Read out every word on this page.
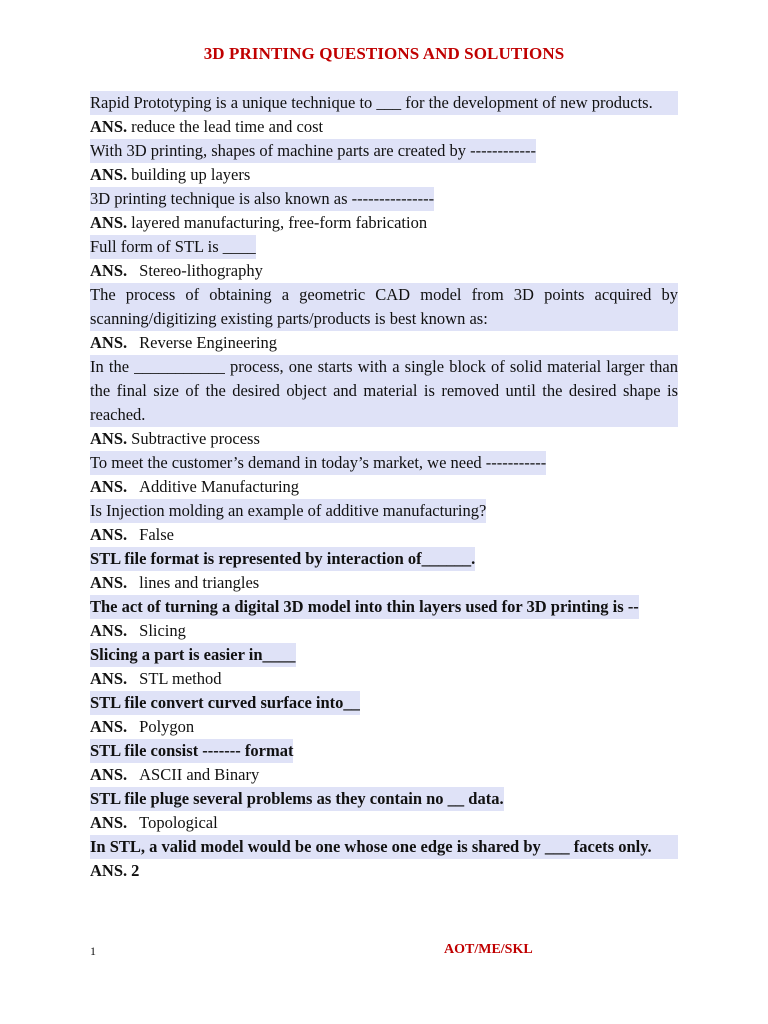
3D PRINTING QUESTIONS AND SOLUTIONS
Rapid Prototyping is a unique technique to ___ for the development of new products.
ANS. reduce the lead time and cost
With 3D printing, shapes of machine parts are created by ------------
ANS. building up layers
3D printing technique is also known as ---------------
ANS. layered manufacturing, free-form fabrication
Full form of STL is ____
ANS. Stereo-lithography
The process of obtaining a geometric CAD model from 3D points acquired by scanning/digitizing existing parts/products is best known as:
ANS. Reverse Engineering
In the ___________ process, one starts with a single block of solid material larger than the final size of the desired object and material is removed until the desired shape is reached.
ANS. Subtractive process
To meet the customer’s demand in today’s market, we need -----------
ANS. Additive Manufacturing
Is Injection molding an example of additive manufacturing?
ANS. False
STL file format is represented by interaction of______.
ANS. lines and triangles
The act of turning a digital 3D model into thin layers used for 3D printing is --
ANS. Slicing
Slicing a part is easier in____
ANS. STL method
STL file convert curved surface into__
ANS. Polygon
STL file consist ------- format
ANS. ASCII and Binary
STL file pluge several problems as they contain no __ data.
ANS. Topological
In STL, a valid model would be one whose one edge is shared by ___ facets only.
ANS. 2
1	AOT/ME/SKL
